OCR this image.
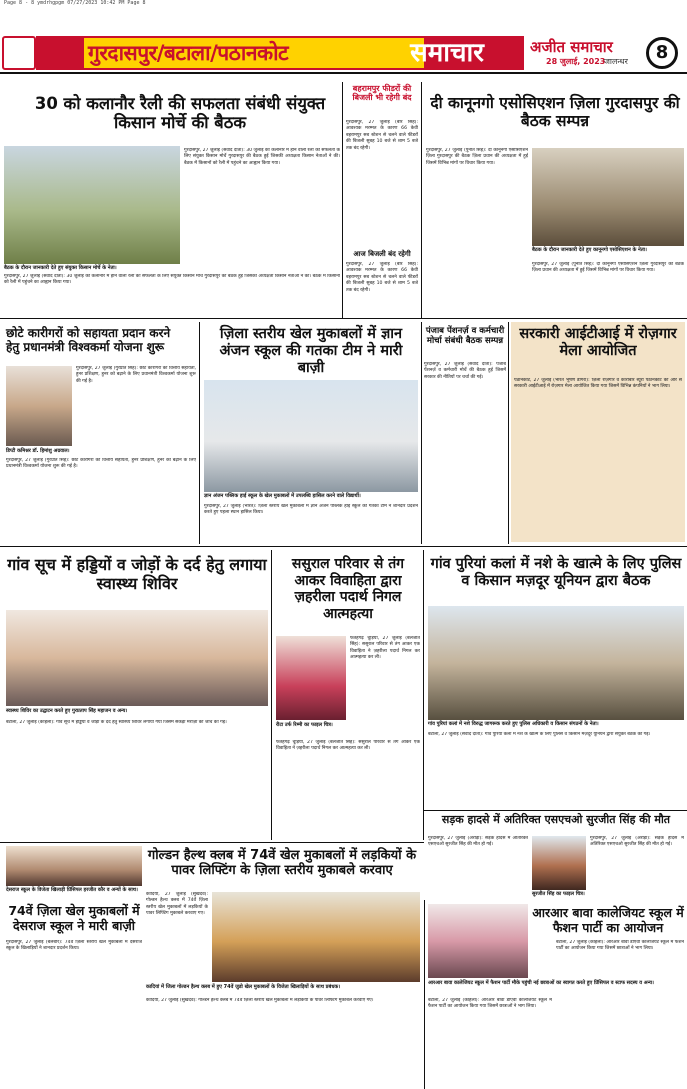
Page 8 - 8 ymdrhgpgm 07/27/2023 10:42 PM Page 8
गुरदासपुर/बटाला/पठानकोट	समाचार	अजीत समाचार	8
28 जुलाई, 2023
जालन्धर
30 को कलानौर रैली की सफलता संबंधी संयुक्त किसान मोर्चे की बैठक
बैठक के दौरान जानकारी देते हुए संयुक्त किसान मोर्चे के नेता।
गुरदासपुर, 27 जुलाई (संवाद दाता): 30 जुलाई को कलानौर में होने वाली रैली की सफलता के लिए संयुक्त किसान मोर्चे गुरदासपुर की बैठक हुई जिसकी अध्यक्षता किसान नेताओं ने की। बैठक में किसानों को रैली में पहुंचने का आह्वान किया गया।
गुरदासपुर, 27 जुलाई (संवाद दाता): 30 जुलाई को कलानौर में होने वाली रैली की सफलता के लिए संयुक्त किसान मोर्चे गुरदासपुर की बैठक हुई जिसकी अध्यक्षता किसान नेताओं ने की। बैठक में किसानों को रैली में पहुंचने का आह्वान किया गया।
बहरामपुर फीडरों की बिजली भी रहेगी बंद
गुरदासपुर, 27 जुलाई (बीर सिंह): आवश्यक मरम्मत के कारण 66 केवी बहरामपुर सब स्टेशन से चलने वाले फीडरों की बिजली सुबह 10 बजे से शाम 5 बजे तक बंद रहेगी।
आज बिजली बंद रहेगी
गुरदासपुर, 27 जुलाई (बीर सिंह): आवश्यक मरम्मत के कारण 66 केवी बहरामपुर सब स्टेशन से चलने वाले फीडरों की बिजली सुबह 10 बजे से शाम 5 बजे तक बंद रहेगी।
दी कानूनगो एसोसिएशन ज़िला गुरदासपुर की बैठक सम्पन्न
गुरदासपुर, 27 जुलाई (पुनीत सिंह): दी कानूनगो एसोसिएशन ज़िला गुरदासपुर की बैठक ज़िला प्रधान की अध्यक्षता में हुई जिसमें विभिन्न मांगों पर विचार किया गया।
बैठक के दौरान जानकारी देते हुए कानूनगो एसोसिएशन के नेता।
गुरदासपुर, 27 जुलाई (पुनीत सिंह): दी कानूनगो एसोसिएशन ज़िला गुरदासपुर की बैठक ज़िला प्रधान की अध्यक्षता में हुई जिसमें विभिन्न मांगों पर विचार किया गया।
छोटे कारीगरों को सहायता प्रदान करने हेतु प्रधानमंत्री विश्वकर्मा योजना शुरू
डिप्टी कमिश्नर डॉ. हिमांशु अग्रवाल।
गुरदासपुर, 27 जुलाई (गुरप्रीत सिंह): छोटे कारीगरों को वित्तीय सहायता, हुनर प्रशिक्षण, हुनर को बढ़ाने के लिए प्रधानमंत्री विश्वकर्मा योजना शुरू की गई है।
गुरदासपुर, 27 जुलाई (गुरप्रीत सिंह): छोटे कारीगरों को वित्तीय सहायता, हुनर प्रशिक्षण, हुनर को बढ़ाने के लिए प्रधानमंत्री विश्वकर्मा योजना शुरू की गई है।
ज़िला स्तरीय खेल मुकाबलों में ज्ञान अंजन स्कूल की गतका टीम ने मारी बाज़ी
ज्ञान अंजन पब्लिक हाई स्कूल के खेल मुकाबलों में उपलब्धि हासिल करने वाले विद्यार्थी।
गुरदासपुर, 27 जुलाई (भारत): ज़िला स्तरीय खेल मुकाबलों में ज्ञान अंजन पब्लिक हाई स्कूल की गतका टीम ने शानदार प्रदर्शन करते हुए पहला स्थान हासिल किया।
पंजाब पेंशनर्ज़ व कर्मचारी मोर्चा संबंधी बैठक सम्पन्न
गुरदासपुर, 27 जुलाई (संवाद दाता): पंजाब पेंशनर्ज़ व कर्मचारी मोर्चे की बैठक हुई जिसमें सरकार की नीतियों पर चर्चा की गई।
सरकारी आईटीआई में रोज़गार मेला आयोजित
पठानकोट, 27 जुलाई (भारत भूषण डोगरा): ज़िला रोज़गार व कारोबार ब्यूरो पठानकोट की ओर से सरकारी आईटीआई में रोज़गार मेला आयोजित किया गया जिसमें विभिन्न कंपनियों ने भाग लिया।
गांव सूच में हड्डियों व जोड़ों के दर्द हेतु लगाया स्वास्थ्य शिविर
स्वास्थ्य शिविर का उद्घाटन करते हुए गुरप्रताप सिंह महाजन व अन्य।
बटाला, 27 जुलाई (काहलों): गांव सूच में हड्डियों व जोड़ों के दर्द हेतु स्वास्थ्य शिविर लगाया गया जिसमें सैंकड़ों मरीज़ों की जांच की गई।
ससुराल परिवार से तंग आकर विवाहिता द्वारा ज़हरीला पदार्थ निगल आत्महत्या
रीटा उर्फ रिम्मी का फाइल चित्र।
फतेहगढ़ चूड़ियां, 27 जुलाई (बलजीत सिंह): ससुराल परिवार से तंग आकर एक विवाहिता ने ज़हरीला पदार्थ निगल कर आत्महत्या कर ली।
फतेहगढ़ चूड़ियां, 27 जुलाई (बलजीत सिंह): ससुराल परिवार से तंग आकर एक विवाहिता ने ज़हरीला पदार्थ निगल कर आत्महत्या कर ली।
गांव पुरियां कलां में नशे के खात्मे के लिए पुलिस व किसान मज़दूर यूनियन द्वारा बैठक
गांव पुरियां कलां में नशे विरुद्ध जागरूक करते हुए पुलिस अधिकारी व किसान संगठनों के नेता।
बटाला, 27 जुलाई (संवाद दाता): गांव पुरियां कलां में नशे के खात्मे के लिए पुलिस व किसान मज़दूर यूनियन द्वारा संयुक्त बैठक की गई।
सड़क हादसे में अतिरिक्त एसएचओ सुरजीत सिंह की मौत
गुरदासपुर, 27 जुलाई (अरोड़ा): सड़क हादसे में अतिरिक्त एसएचओ सुरजीत सिंह की मौत हो गई।
सुरजीत सिंह का फाइल चित्र।
गुरदासपुर, 27 जुलाई (अरोड़ा): सड़क हादसे में अतिरिक्त एसएचओ सुरजीत सिंह की मौत हो गई।
गोल्डन हैल्थ क्लब में 74वें खेल मुकाबलों में लड़कियों के पावर लिफ्टिंग के ज़िला स्तरीय मुकाबले करवाए
कादियां, 27 जुलाई (सुखदेव): गोल्डन हैल्थ क्लब में 74वें ज़िला स्तरीय खेल मुकाबलों में लड़कियों के पावर लिफ्टिंग मुकाबले करवाए गए।
कादियां में जिला गोल्डन हैल्थ क्लब में हुए 74वें जुडो खेल मुकाबलों के विजेता खिलाड़ियों के साथ प्रबंधक।
कादियां, 27 जुलाई (सुखदेव): गोल्डन हैल्थ क्लब में 74वें ज़िला स्तरीय खेल मुकाबलों में लड़कियों के पावर लिफ्टिंग मुकाबले करवाए गए।
देसराज स्कूल के विजेता खिलाड़ी प्रिंसिपल हरजीत कौर व अन्यों के साथ।
74वें ज़िला खेल मुकाबलों में देसराज स्कूल ने मारी बाज़ी
गुरदासपुर, 27 जुलाई (बलबीर): 74वें ज़िला स्तरीय खेल मुकाबलों में देसराज स्कूल के खिलाड़ियों ने शानदार प्रदर्शन किया।
आरआर बावा कालेजियट स्कूल में फैशन पार्टी मौके पहुंची नई छात्राओं का स्वागत करते हुए प्रिंसिपल व स्टाफ सदस्य व अन्य।
आरआर बावा कालेजियट स्कूल में फैशन पार्टी का आयोजन
बटाला, 27 जुलाई (काहलों): आरआर बावा डीएवी कालेजियट स्कूल में फैशन पार्टी का आयोजन किया गया जिसमें छात्राओं ने भाग लिया।
बटाला, 27 जुलाई (काहलों): आरआर बावा डीएवी कालेजियट स्कूल में फैशन पार्टी का आयोजन किया गया जिसमें छात्राओं ने भाग लिया।
